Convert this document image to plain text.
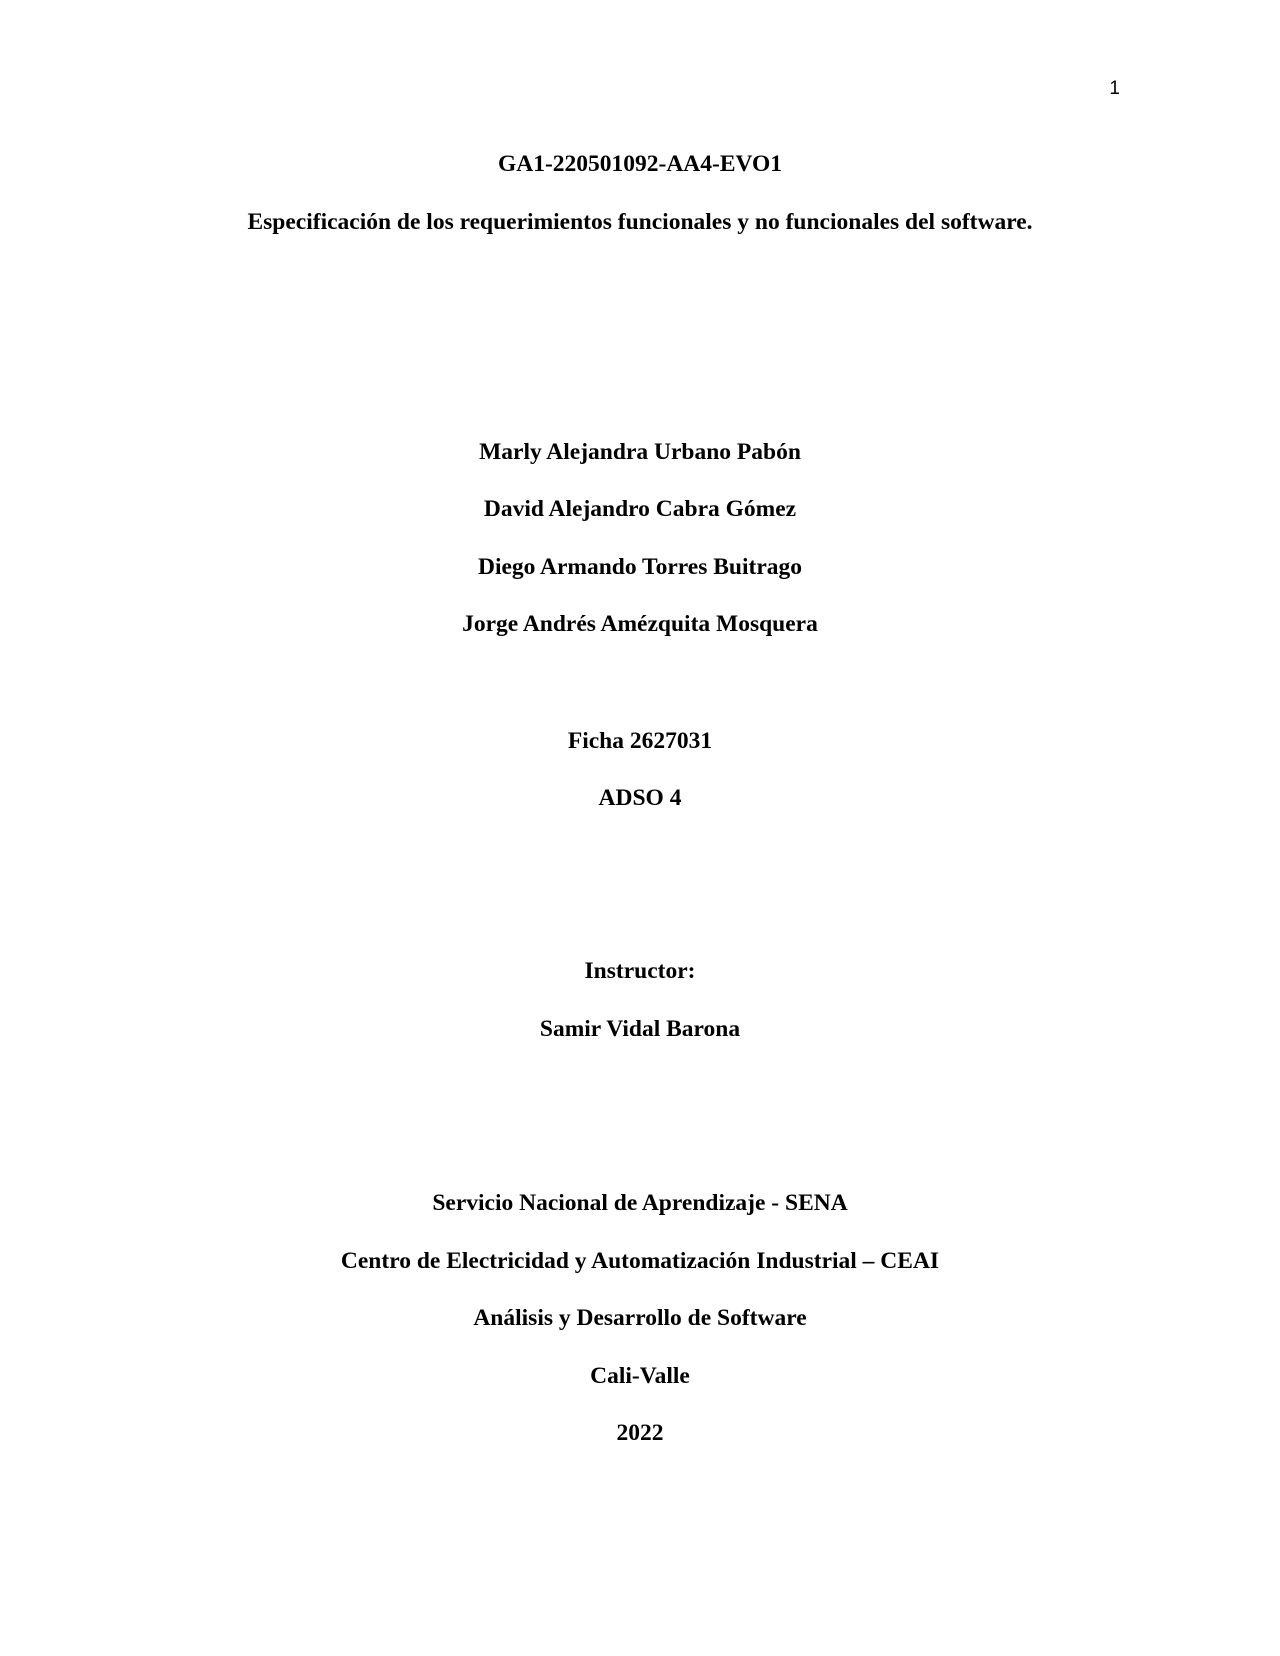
1
GA1-220501092-AA4-EVO1
Especificación de los requerimientos funcionales y no funcionales del software.
Marly Alejandra Urbano Pabón
David Alejandro Cabra Gómez
Diego Armando Torres Buitrago
Jorge Andrés Amézquita Mosquera
Ficha 2627031
ADSO 4
Instructor:
Samir Vidal Barona
Servicio Nacional de Aprendizaje - SENA
Centro de Electricidad y Automatización Industrial – CEAI
Análisis y Desarrollo de Software
Cali-Valle
2022
